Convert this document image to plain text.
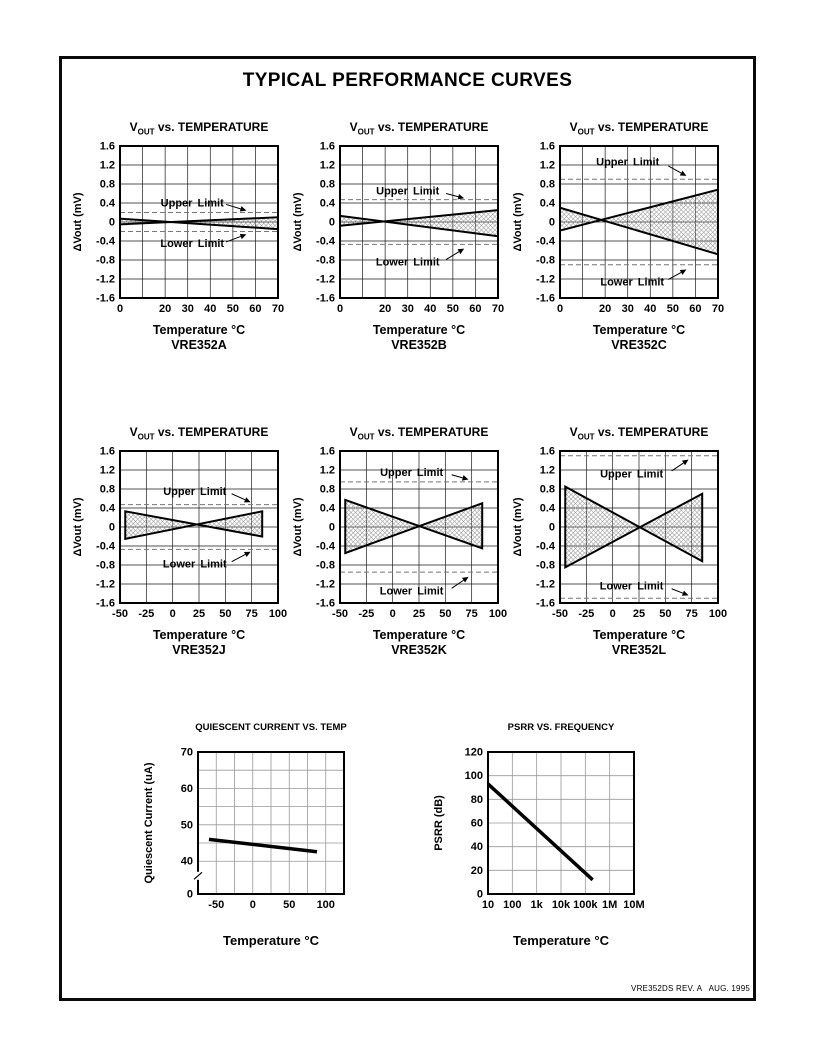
TYPICAL PERFORMANCE CURVES
$V_{OUT}$ vs. TEMPERATURE
1.6
1.2
0.8
0.4
0
-0.4
-0.8
-1.2
-1.6
0	20 30 40 50 60 70
ΔVout (mV)	Upper Limit
Lower Limit
Temperature °C
VRE352A
$V_{OUT}$ vs. TEMPERATURE
1.6
1.2
0.8
0.4
0
-0.4
-0.8
-1.2
-1.6
0	20 30 40 50 60 70
ΔVout (mV)
Upper Limit
Lower Limit
Temperature °C
VRE352B
$V_{OUT}$ vs. TEMPERATURE
1.6
1.2
0.8
0.4
0
-0.4
-0.8
-1.2
-1.6
0	20 30 40 50 60 70
ΔVout (mV)
Upper Limit
Lower Limit
Temperature °C
VRE352C
$V_{OUT}$ vs. TEMPERATURE
1.6
1.2
0.8
0.4
0
-0.4
-0.8
-1.2
-1.6
-50 -25 0 25 50 75 100
ΔVout (mV)
Upper Limit
Lower Limit
Temperature °C
VRE352J
$V_{OUT}$ vs. TEMPERATURE
1.6
1.2
0.8
0.4
0
-0.4
-0.8
-1.2
-1.6
-50 -25 0 25 50 75 100
ΔVout (mV)
Upper Limit
Lower Limit
Temperature °C
VRE352K
$V_{OUT}$ vs. TEMPERATURE
1.6
1.2
0.8
0.4
0
-0.4
-0.8
-1.2
-1.6
-50 -25 0 25 50 75 100
ΔVout (mV)
Upper Limit
Lower Limit
Temperature °C
VRE352L
QUIESCENT CURRENT VS. TEMP
0
40
50
60
70
-50 0 50 100
Quiescent Current (uA)
Temperature °C
PSRR VS. FREQUENCY
0
20
40
60
80
100
120
10 100 1k 10k 100k 1M 10M
PSRR (dB)
Temperature °C
VRE352DS REV. A   AUG. 1995
